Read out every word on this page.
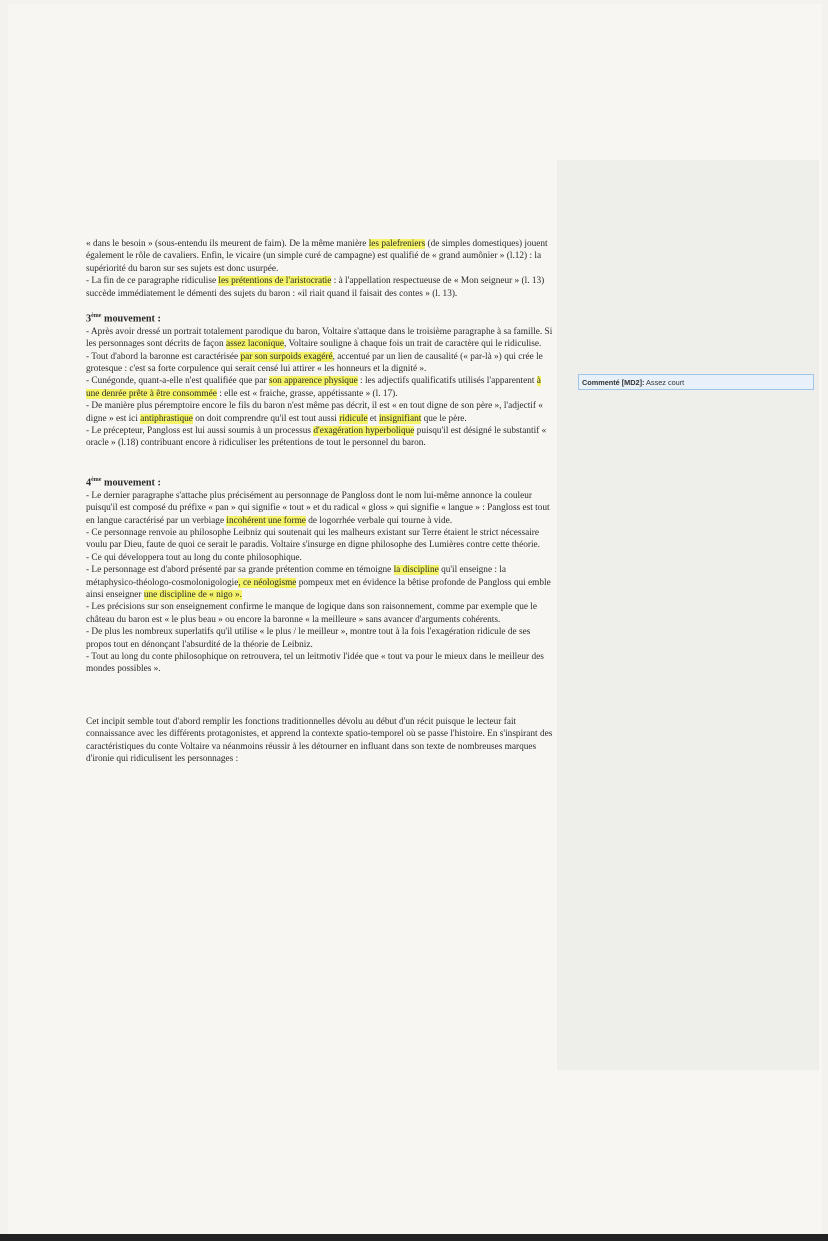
« dans le besoin » (sous-entendu ils meurent de faim). De la même manière les palefreniers (de simples domestiques) jouent également le rôle de cavaliers. Enfin, le vicaire (un simple curé de campagne) est qualifié de « grand aumônier » (l.12) : la supériorité du baron sur ses sujets est donc usurpée.

- La fin de ce paragraphe ridiculise les prétentions de l'aristocratie : à l'appellation respectueuse de « Mon seigneur » (l. 13) succède immédiatement le démenti des sujets du baron : «il riait quand il faisait des contes » (l. 13).

3ème mouvement :

- Après avoir dressé un portrait totalement parodique du baron, Voltaire s'attaque dans le troisième paragraphe à sa famille. Si les personnages sont décrits de façon assez laconique, Voltaire souligne à chaque fois un trait de caractère qui le ridiculise.

- Tout d'abord la baronne est caractérisée par son surpoids exagéré, accentué par un lien de causalité (« par-là ») qui crée le grotesque : c'est sa forte corpulence qui serait censé lui attirer « les honneurs et la dignité ».

- Cunégonde, quant-a-elle n'est qualifiée que par son apparence physique : les adjectifs qualificatifs utilisés l'apparentent à une denrée prête à être consommée : elle est « fraiche, grasse, appétissante » (l. 17).

- De manière plus péremptoire encore le fils du baron n'est même pas décrit, il est « en tout digne de son père », l'adjectif « digne » est ici antiphrastique on doit comprendre qu'il est tout aussi ridicule et insignifiant que le père.

- Le précepteur, Pangloss est lui aussi soumis à un processus d'exagération hyperbolique puisqu'il est désigné le substantif « oracle » (l.18) contribuant encore à ridiculiser les prétentions de tout le personnel du baron.

4ème mouvement :

- Le dernier paragraphe s'attache plus précisément au personnage de Pangloss dont le nom lui-même annonce la couleur puisqu'il est composé du préfixe « pan » qui signifie « tout » et du radical « gloss » qui signifie « langue » : Pangloss est tout en langue caractérisé par un verbiage incohérent une forme de logorrhée verbale qui tourne à vide.

- Ce personnage renvoie au philosophe Leibniz qui soutenait qui les malheurs existant sur Terre étaient le strict nécessaire voulu par Dieu, faute de quoi ce serait le paradis. Voltaire s'insurge en digne philosophe des Lumières contre cette théorie.

- Ce qui développera tout au long du conte philosophique.

- Le personnage est d'abord présenté par sa grande prétention comme en témoigne la discipline qu'il enseigne : la métaphysico-théologo-cosmolonigologie, ce néologisme pompeux met en évidence la bêtise profonde de Pangloss qui emble ainsi enseigner une discipline de « nigo ».

- Les précisions sur son enseignement confirme le manque de logique dans son raisonnement, comme par exemple que le château du baron est « le plus beau » ou encore la baronne « la meilleure » sans avancer d'arguments cohérents.

- De plus les nombreux superlatifs qu'il utilise « le plus / le meilleur », montre tout à la fois l'exagération ridicule de ses propos tout en dénonçant l'absurdité de la théorie de Leibniz.

- Tout au long du conte philosophique on retrouvera, tel un leitmotiv l'idée que « tout va pour le mieux dans le meilleur des mondes possibles ».

Cet incipit semble tout d'abord remplir les fonctions traditionnelles dévolu au début d'un récit puisque le lecteur fait connaissance avec les différents protagonistes, et apprend la contexte spatio-temporel où se passe l'histoire. En s'inspirant des caractéristiques du conte Voltaire va néanmoins réussir à les détourner en influant dans son texte de nombreuses marques d'ironie qui ridiculisent les personnages :

Commenté [MD2]: Assez court
